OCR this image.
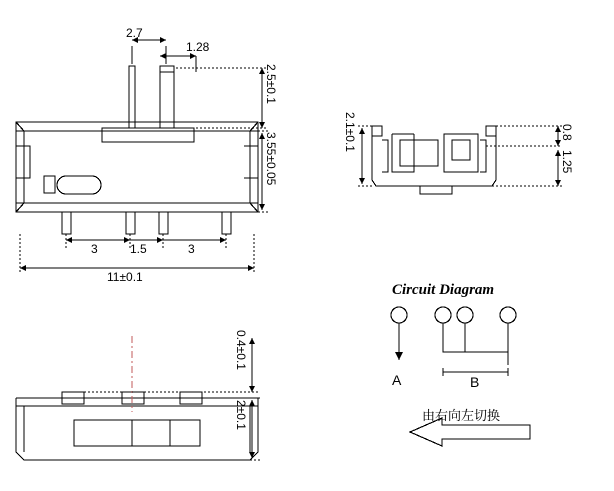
2.7
1.28
2.5±0.1
3.55±0.05
3	1.5	3
11±0.1
2.1±0.1	0.8
1.25
0.4±0.1
2±0.1
Circuit Diagram
A	B
由右向左切换
